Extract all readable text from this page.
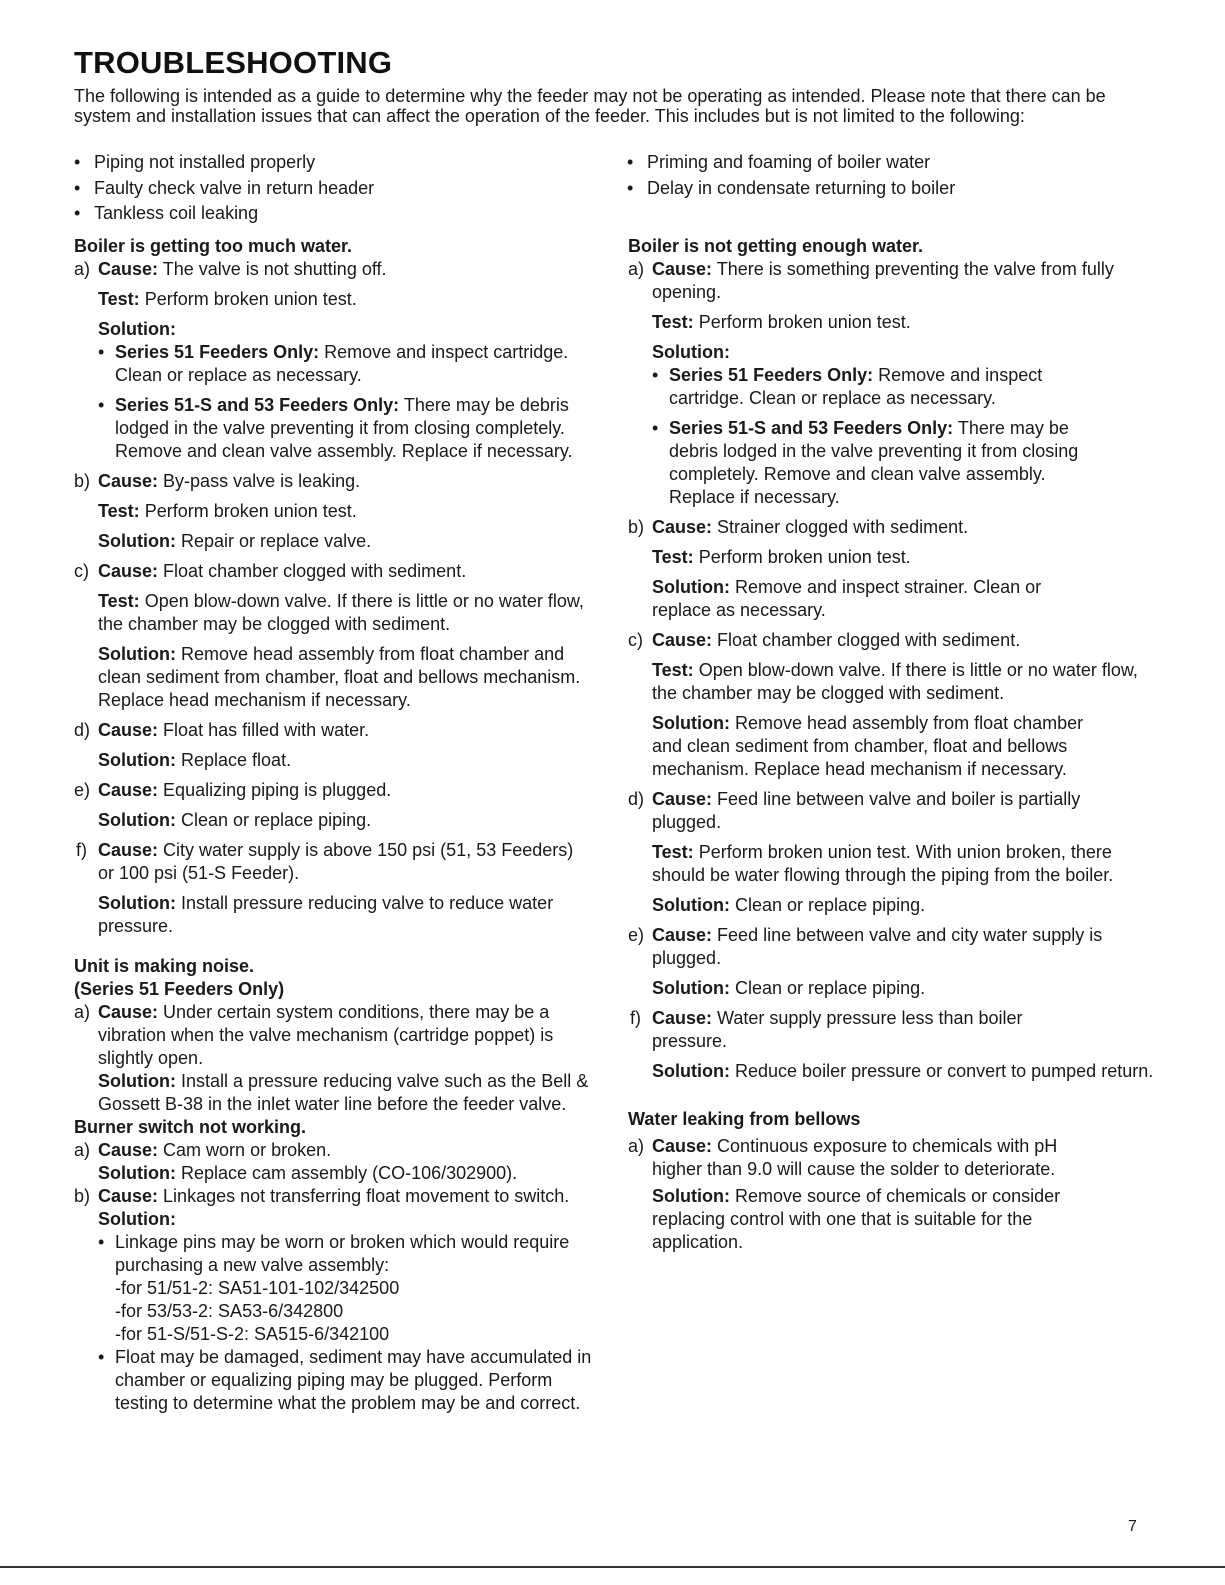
TROUBLESHOOTING

The following is intended as a guide to determine why the feeder may not be operating as intended. Please note that there can be system and installation issues that can affect the operation of the feeder. This includes but is not limited to the following:

• Piping not installed properly
• Faulty check valve in return header
• Tankless coil leaking
• Priming and foaming of boiler water
• Delay in condensate returning to boiler
Boiler is getting too much water.
a) Cause: The valve is not shutting off.

Test: Perform broken union test.

Solution:

• Series 51 Feeders Only: Remove and inspect cartridge. Clean or replace as necessary.
• Series 51-S and 53 Feeders Only: There may be debris lodged in the valve preventing it from closing completely. Remove and clean valve assembly. Replace if necessary.
b) Cause: By-pass valve is leaking.

Test: Perform broken union test.

Solution: Repair or replace valve.

c) Cause: Float chamber clogged with sediment.

Test: Open blow-down valve. If there is little or no water flow, the chamber may be clogged with sediment.

Solution: Remove head assembly from float chamber and clean sediment from chamber, float and bellows mechanism. Replace head mechanism if necessary.

d) Cause: Float has filled with water.

Solution: Replace float.

e) Cause: Equalizing piping is plugged.

Solution: Clean or replace piping.

f) Cause: City water supply is above 150 psi (51, 53 Feeders) or 100 psi (51-S Feeder).

Solution: Install pressure reducing valve to reduce water pressure.

Unit is making noise.
(Series 51 Feeders Only)
a) Cause: Under certain system conditions, there may be a vibration when the valve mechanism (cartridge poppet) is slightly open.

Solution: Install a pressure reducing valve such as the Bell & Gossett B-38 in the inlet water line before the feeder valve.

Burner switch not working.
a) Cause: Cam worn or broken.

Solution: Replace cam assembly (CO-106/302900).

b) Cause: Linkages not transferring float movement to switch.

Solution:

• Linkage pins may be worn or broken which would require purchasing a new valve assembly:
-for 51/51-2: SA51-101-102/342500
-for 53/53-2: SA53-6/342800
-for 51-S/51-S-2: SA515-6/342100
• Float may be damaged, sediment may have accumulated in chamber or equalizing piping may be plugged. Perform testing to determine what the problem may be and correct.
Boiler is not getting enough water.
a) Cause: There is something preventing the valve from fully opening.

Test: Perform broken union test.

Solution:

• Series 51 Feeders Only: Remove and inspect cartridge. Clean or replace as necessary.
• Series 51-S and 53 Feeders Only: There may be debris lodged in the valve preventing it from closing completely. Remove and clean valve assembly. Replace if necessary.
b) Cause: Strainer clogged with sediment.

Test: Perform broken union test.

Solution: Remove and inspect strainer. Clean or replace as necessary.

c) Cause: Float chamber clogged with sediment.

Test: Open blow-down valve. If there is little or no water flow, the chamber may be clogged with sediment.

Solution: Remove head assembly from float chamber and clean sediment from chamber, float and bellows mechanism. Replace head mechanism if necessary.

d) Cause: Feed line between valve and boiler is partially plugged.

Test: Perform broken union test. With union broken, there should be water flowing through the piping from the boiler.

Solution: Clean or replace piping.

e) Cause: Feed line between valve and city water supply is plugged.

Solution: Clean or replace piping.

f) Cause: Water supply pressure less than boiler pressure.

Solution: Reduce boiler pressure or convert to pumped return.

Water leaking from bellows
a) Cause: Continuous exposure to chemicals with pH higher than 9.0 will cause the solder to deteriorate.

Solution: Remove source of chemicals or consider replacing control with one that is suitable for the application.

7
